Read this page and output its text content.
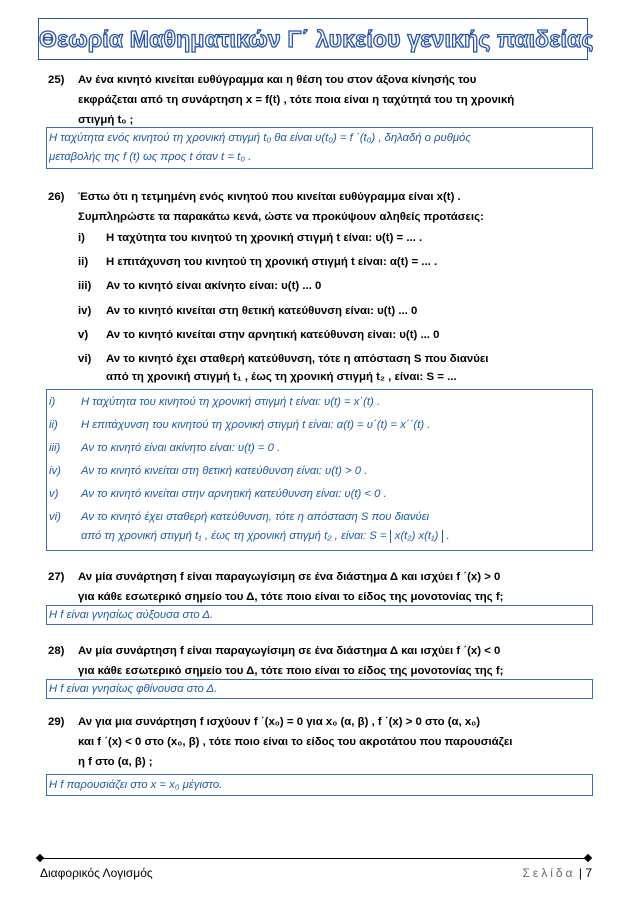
Θεωρία Μαθηματικών Γ΄ λυκείου γενικής παιδείας
25) Αν ένα κινητό κινείται ευθύγραμμα και η θέση του στον άξονα κίνησής του
εκφράζεται από τη συνάρτηση x = f(t) , τότε ποια είναι η ταχύτητά του τη χρονική
στιγμή t₀ ;
Η ταχύτητα ενός κινητού τη χρονική στιγμή t₀ θα είναι υ(t₀) = f ΄(t₀) , δηλαδή ο ρυθμός
μεταβολής της f (t) ως προς t όταν t = t₀ .
26) Έστω ότι η τετμημένη ενός κινητού που κινείται ευθύγραμμα είναι x(t) .
Συμπληρώστε τα παρακάτω κενά, ώστε να προκύψουν αληθείς προτάσεις:
i) Η ταχύτητα του κινητού τη χρονική στιγμή t είναι: υ(t) = ... .
ii) Η επιτάχυνση του κινητού τη χρονική στιγμή t είναι: α(t) = ... .
iii) Αν το κινητό είναι ακίνητο είναι: υ(t) ... 0
iv) Αν το κινητό κινείται στη θετική κατεύθυνση είναι: υ(t) ... 0
v) Αν το κινητό κινείται στην αρνητική κατεύθυνση είναι: υ(t) ... 0
vi) Αν το κινητό έχει σταθερή κατεύθυνση, τότε η απόσταση S που διανύει
από τη χρονική στιγμή t₁ , έως τη χρονική στιγμή t₂ , είναι: S = ...
i) Η ταχύτητα του κινητού τη χρονική στιγμή t είναι: υ(t) = x΄(t) .
ii) Η επιτάχυνση του κινητού τη χρονική στιγμή t είναι: α(t) = υ΄(t) = x΄΄(t) .
iii) Αν το κινητό είναι ακίνητο είναι: υ(t) = 0 .
iv) Αν το κινητό κινείται στη θετική κατεύθυνση είναι: υ(t) > 0 .
v) Αν το κινητό κινείται στην αρνητική κατεύθυνση είναι: υ(t) < 0 .
vi) Αν το κινητό έχει σταθερή κατεύθυνση, τότε η απόσταση S που διανύει
από τη χρονική στιγμή t₁ , έως τη χρονική στιγμή t₂ , είναι: S = x(t₂) x(t₁) .
27) Αν μία συνάρτηση f είναι παραγωγίσιμη σε ένα διάστημα Δ και ισχύει f ΄(x) > 0
για κάθε εσωτερικό σημείο του Δ, τότε ποιο είναι το είδος της μονοτονίας της f;
Η f είναι γνησίως αύξουσα στο Δ.
28) Αν μία συνάρτηση f είναι παραγωγίσιμη σε ένα διάστημα Δ και ισχύει f ΄(x) < 0
για κάθε εσωτερικό σημείο του Δ, τότε ποιο είναι το είδος της μονοτονίας της f;
Η f είναι γνησίως φθίνουσα στο Δ.
29) Αν για μια συνάρτηση f ισχύουν f ΄(x₀) = 0 για x₀ (α, β) , f ΄(x) > 0 στο (α, x₀)
και f ΄(x) < 0 στο (x₀, β) , τότε ποιο είναι το είδος του ακροτάτου που παρουσιάζει
η f στο (α, β) ;
Η f παρουσιάζει στο x = x₀ μέγιστο.
Διαφορικός Λογισμός	Σελίδα | 7
